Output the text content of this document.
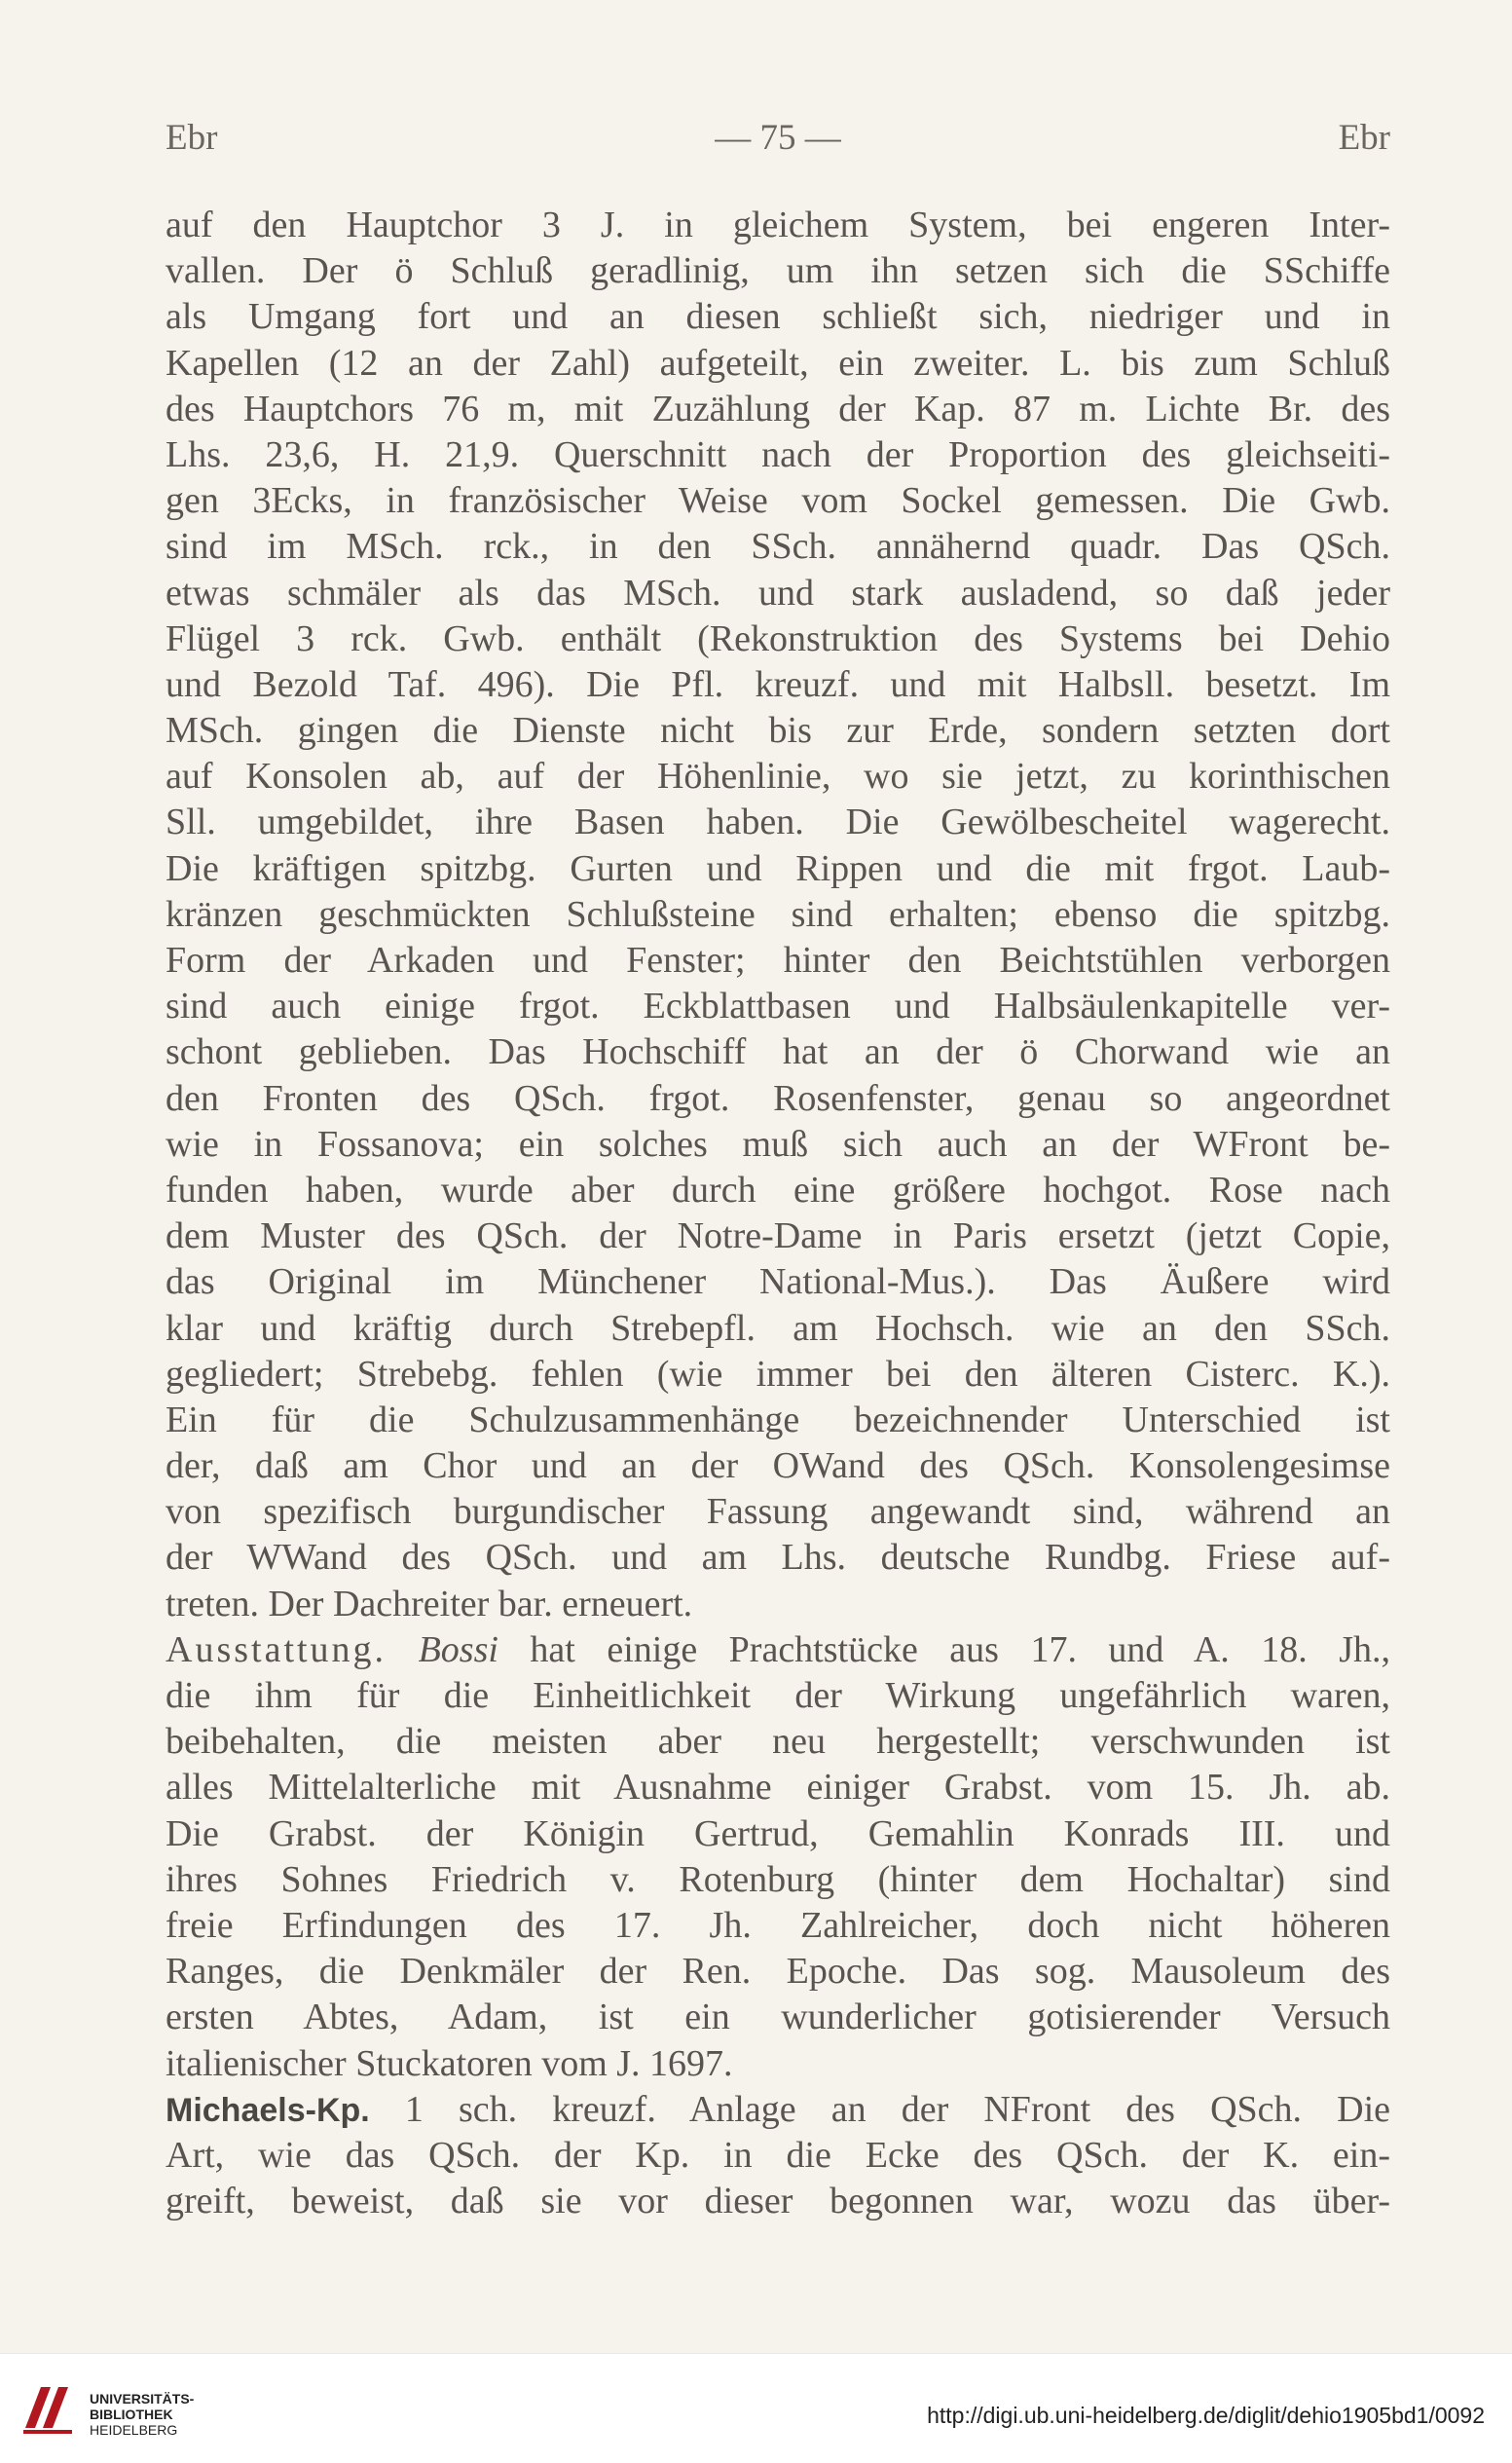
Ebr	— 75 —	Ebr
auf den Hauptchor 3 J. in gleichem System, bei engeren Inter-
vallen. Der ö Schluß geradlinig, um ihn setzen sich die SSchiffe
als Umgang fort und an diesen schließt sich, niedriger und in
Kapellen (12 an der Zahl) aufgeteilt, ein zweiter. L. bis zum Schluß
des Hauptchors 76 m, mit Zuzählung der Kap. 87 m. Lichte Br. des
Lhs. 23,6, H. 21,9. Querschnitt nach der Proportion des gleichseiti-
gen 3Ecks, in französischer Weise vom Sockel gemessen. Die Gwb.
sind im MSch. rck., in den SSch. annähernd quadr. Das QSch.
etwas schmäler als das MSch. und stark ausladend, so daß jeder
Flügel 3 rck. Gwb. enthält (Rekonstruktion des Systems bei Dehio
und Bezold Taf. 496). Die Pfl. kreuzf. und mit Halbsll. besetzt. Im
MSch. gingen die Dienste nicht bis zur Erde, sondern setzten dort
auf Konsolen ab, auf der Höhenlinie, wo sie jetzt, zu korinthischen
Sll. umgebildet, ihre Basen haben. Die Gewölbescheitel wagerecht.
Die kräftigen spitzbg. Gurten und Rippen und die mit frgot. Laub-
kränzen geschmückten Schlußsteine sind erhalten; ebenso die spitzbg.
Form der Arkaden und Fenster; hinter den Beichtstühlen verborgen
sind auch einige frgot. Eckblattbasen und Halbsäulenkapitelle ver-
schont geblieben. Das Hochschiff hat an der ö Chorwand wie an
den Fronten des QSch. frgot. Rosenfenster, genau so angeordnet
wie in Fossanova; ein solches muß sich auch an der WFront be-
funden haben, wurde aber durch eine größere hochgot. Rose nach
dem Muster des QSch. der Notre-Dame in Paris ersetzt (jetzt Copie,
das Original im Münchener National-Mus.). Das Äußere wird
klar und kräftig durch Strebepfl. am Hochsch. wie an den SSch.
gegliedert; Strebebg. fehlen (wie immer bei den älteren Cisterc. K.).
Ein für die Schulzusammenhänge bezeichnender Unterschied ist
der, daß am Chor und an der OWand des QSch. Konsolengesimse
von spezifisch burgundischer Fassung angewandt sind, während an
der WWand des QSch. und am Lhs. deutsche Rundbg. Friese auf-
treten. Der Dachreiter bar. erneuert.
Ausstattung. Bossi hat einige Prachtstücke aus 17. und A. 18. Jh.,
die ihm für die Einheitlichkeit der Wirkung ungefährlich waren,
beibehalten, die meisten aber neu hergestellt; verschwunden ist
alles Mittelalterliche mit Ausnahme einiger Grabst. vom 15. Jh. ab.
Die Grabst. der Königin Gertrud, Gemahlin Konrads III. und
ihres Sohnes Friedrich v. Rotenburg (hinter dem Hochaltar) sind
freie Erfindungen des 17. Jh. Zahlreicher, doch nicht höheren
Ranges, die Denkmäler der Ren. Epoche. Das sog. Mausoleum des
ersten Abtes, Adam, ist ein wunderlicher gotisierender Versuch
italienischer Stuckatoren vom J. 1697.
Michaels-Kp. 1 sch. kreuzf. Anlage an der NFront des QSch. Die
Art, wie das QSch. der Kp. in die Ecke des QSch. der K. ein-
greift, beweist, daß sie vor dieser begonnen war, wozu das über-
UNIVERSITÄTS-
BIBLIOTHEK
HEIDELBERG
http://digi.ub.uni-heidelberg.de/diglit/dehio1905bd1/0092
